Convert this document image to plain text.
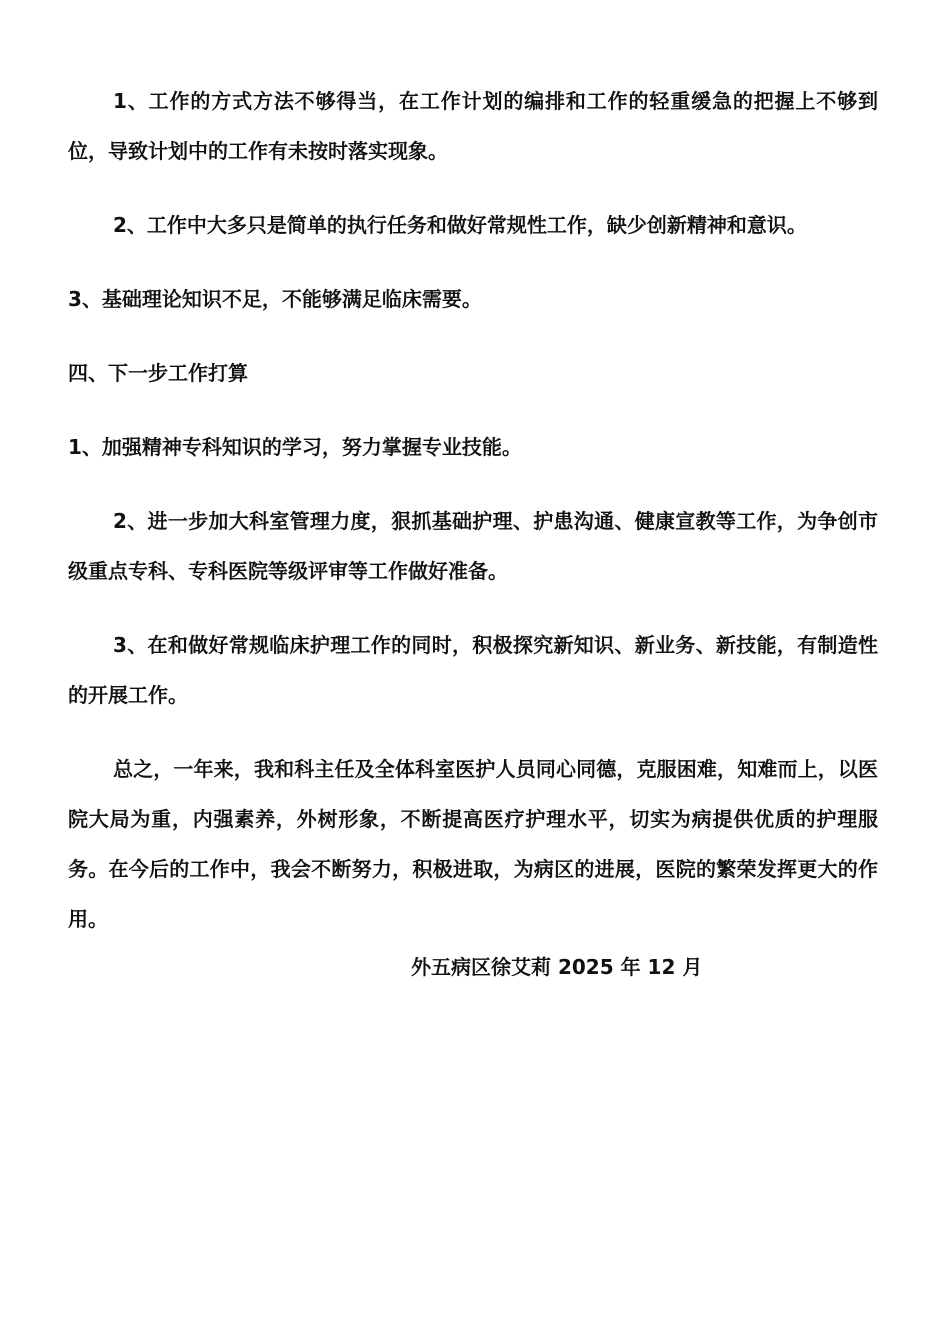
1、工作的方式方法不够得当，在工作计划的编排和工作的轻重缓急的把握上不够到位，导致计划中的工作有未按时落实现象。

2、工作中大多只是简单的执行任务和做好常规性工作，缺少创新精神和意识。

3、基础理论知识不足，不能够满足临床需要。

四、下一步工作打算

1、加强精神专科知识的学习，努力掌握专业技能。

2、进一步加大科室管理力度，狠抓基础护理、护患沟通、健康宣教等工作，为争创市级重点专科、专科医院等级评审等工作做好准备。

3、在和做好常规临床护理工作的同时，积极探究新知识、新业务、新技能，有制造性的开展工作。

总之，一年来，我和科主任及全体科室医护人员同心同德，克服困难，知难而上，以医院大局为重，内强素养，外树形象，不断提高医疗护理水平，切实为病提供优质的护理服务。在今后的工作中，我会不断努力，积极进取，为病区的进展，医院的繁荣发挥更大的作用。

外五病区徐艾莉 2025 年 12 月
